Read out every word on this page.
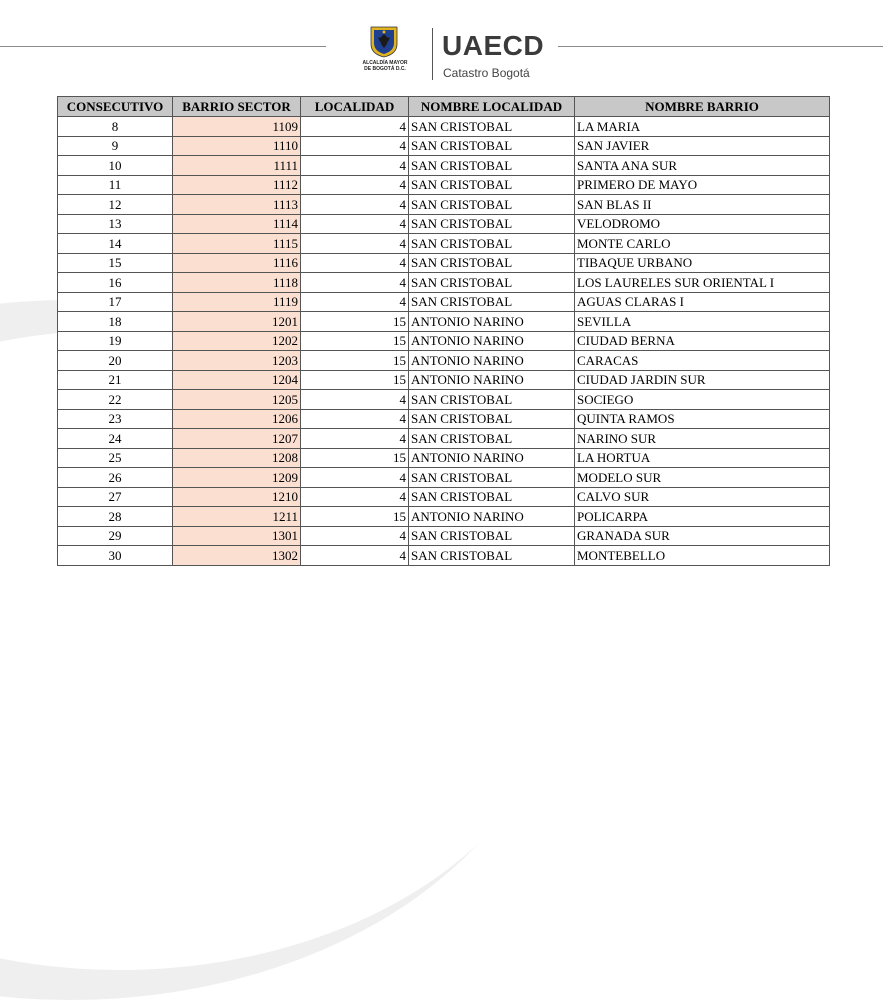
ALCALDÍA MAYOR
DE BOGOTÁ D.C.
UAECD
Catastro Bogotá
CONSECUTIVO	BARRIO SECTOR	LOCALIDAD	NOMBRE LOCALIDAD	NOMBRE BARRIO
8	1109	4	SAN CRISTOBAL	LA MARIA
9	1110	4	SAN CRISTOBAL	SAN JAVIER
10	1111	4	SAN CRISTOBAL	SANTA ANA SUR
11	1112	4	SAN CRISTOBAL	PRIMERO DE MAYO
12	1113	4	SAN CRISTOBAL	SAN BLAS II
13	1114	4	SAN CRISTOBAL	VELODROMO
14	1115	4	SAN CRISTOBAL	MONTE CARLO
15	1116	4	SAN CRISTOBAL	TIBAQUE URBANO
16	1118	4	SAN CRISTOBAL	LOS LAURELES SUR ORIENTAL I
17	1119	4	SAN CRISTOBAL	AGUAS CLARAS I
18	1201	15	ANTONIO NARINO	SEVILLA
19	1202	15	ANTONIO NARINO	CIUDAD BERNA
20	1203	15	ANTONIO NARINO	CARACAS
21	1204	15	ANTONIO NARINO	CIUDAD JARDIN SUR
22	1205	4	SAN CRISTOBAL	SOCIEGO
23	1206	4	SAN CRISTOBAL	QUINTA RAMOS
24	1207	4	SAN CRISTOBAL	NARINO SUR
25	1208	15	ANTONIO NARINO	LA HORTUA
26	1209	4	SAN CRISTOBAL	MODELO SUR
27	1210	4	SAN CRISTOBAL	CALVO SUR
28	1211	15	ANTONIO NARINO	POLICARPA
29	1301	4	SAN CRISTOBAL	GRANADA SUR
30	1302	4	SAN CRISTOBAL	MONTEBELLO
